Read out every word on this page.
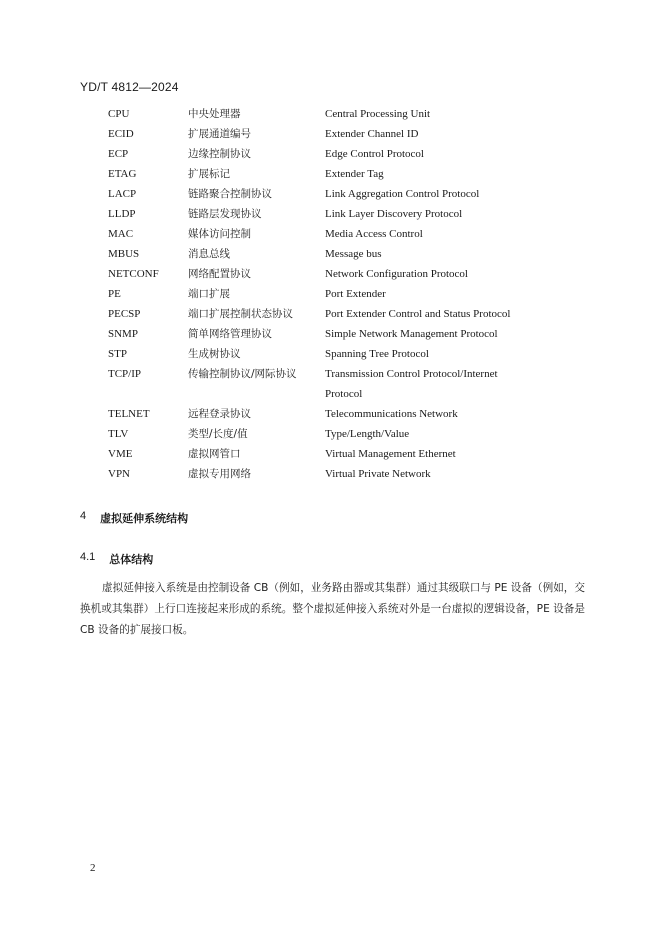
YD/T 4812—2024
CPU	中央处理器	Central Processing Unit
ECID	扩展通道编号	Extender Channel ID
ECP	边缘控制协议	Edge Control Protocol
ETAG	扩展标记	Extender Tag
LACP	链路聚合控制协议	Link Aggregation Control Protocol
LLDP	链路层发现协议	Link Layer Discovery Protocol
MAC	媒体访问控制	Media Access Control
MBUS	消息总线	Message bus
NETCONF	网络配置协议	Network Configuration Protocol
PE	端口扩展	Port Extender
PECSP	端口扩展控制状态协议	Port Extender Control and Status Protocol
SNMP	简单网络管理协议	Simple Network Management Protocol
STP	生成树协议	Spanning Tree Protocol
TCP/IP	传输控制协议/网际协议	Transmission Control Protocol/Internet Protocol
TELNET	远程登录协议	Telecommunications Network
TLV	类型/长度/值	Type/Length/Value
VME	虚拟网管口	Virtual Management Ethernet
VPN	虚拟专用网络	Virtual Private Network
4 虚拟延伸系统结构
4.1 总体结构
虚拟延伸接入系统是由控制设备 CB（例如，业务路由器或其集群）通过其级联口与 PE 设备（例如，交换机或其集群）上行口连接起来形成的系统。整个虚拟延伸接入系统对外是一台虚拟的逻辑设备，PE 设备是 CB 设备的扩展接口板。
2
